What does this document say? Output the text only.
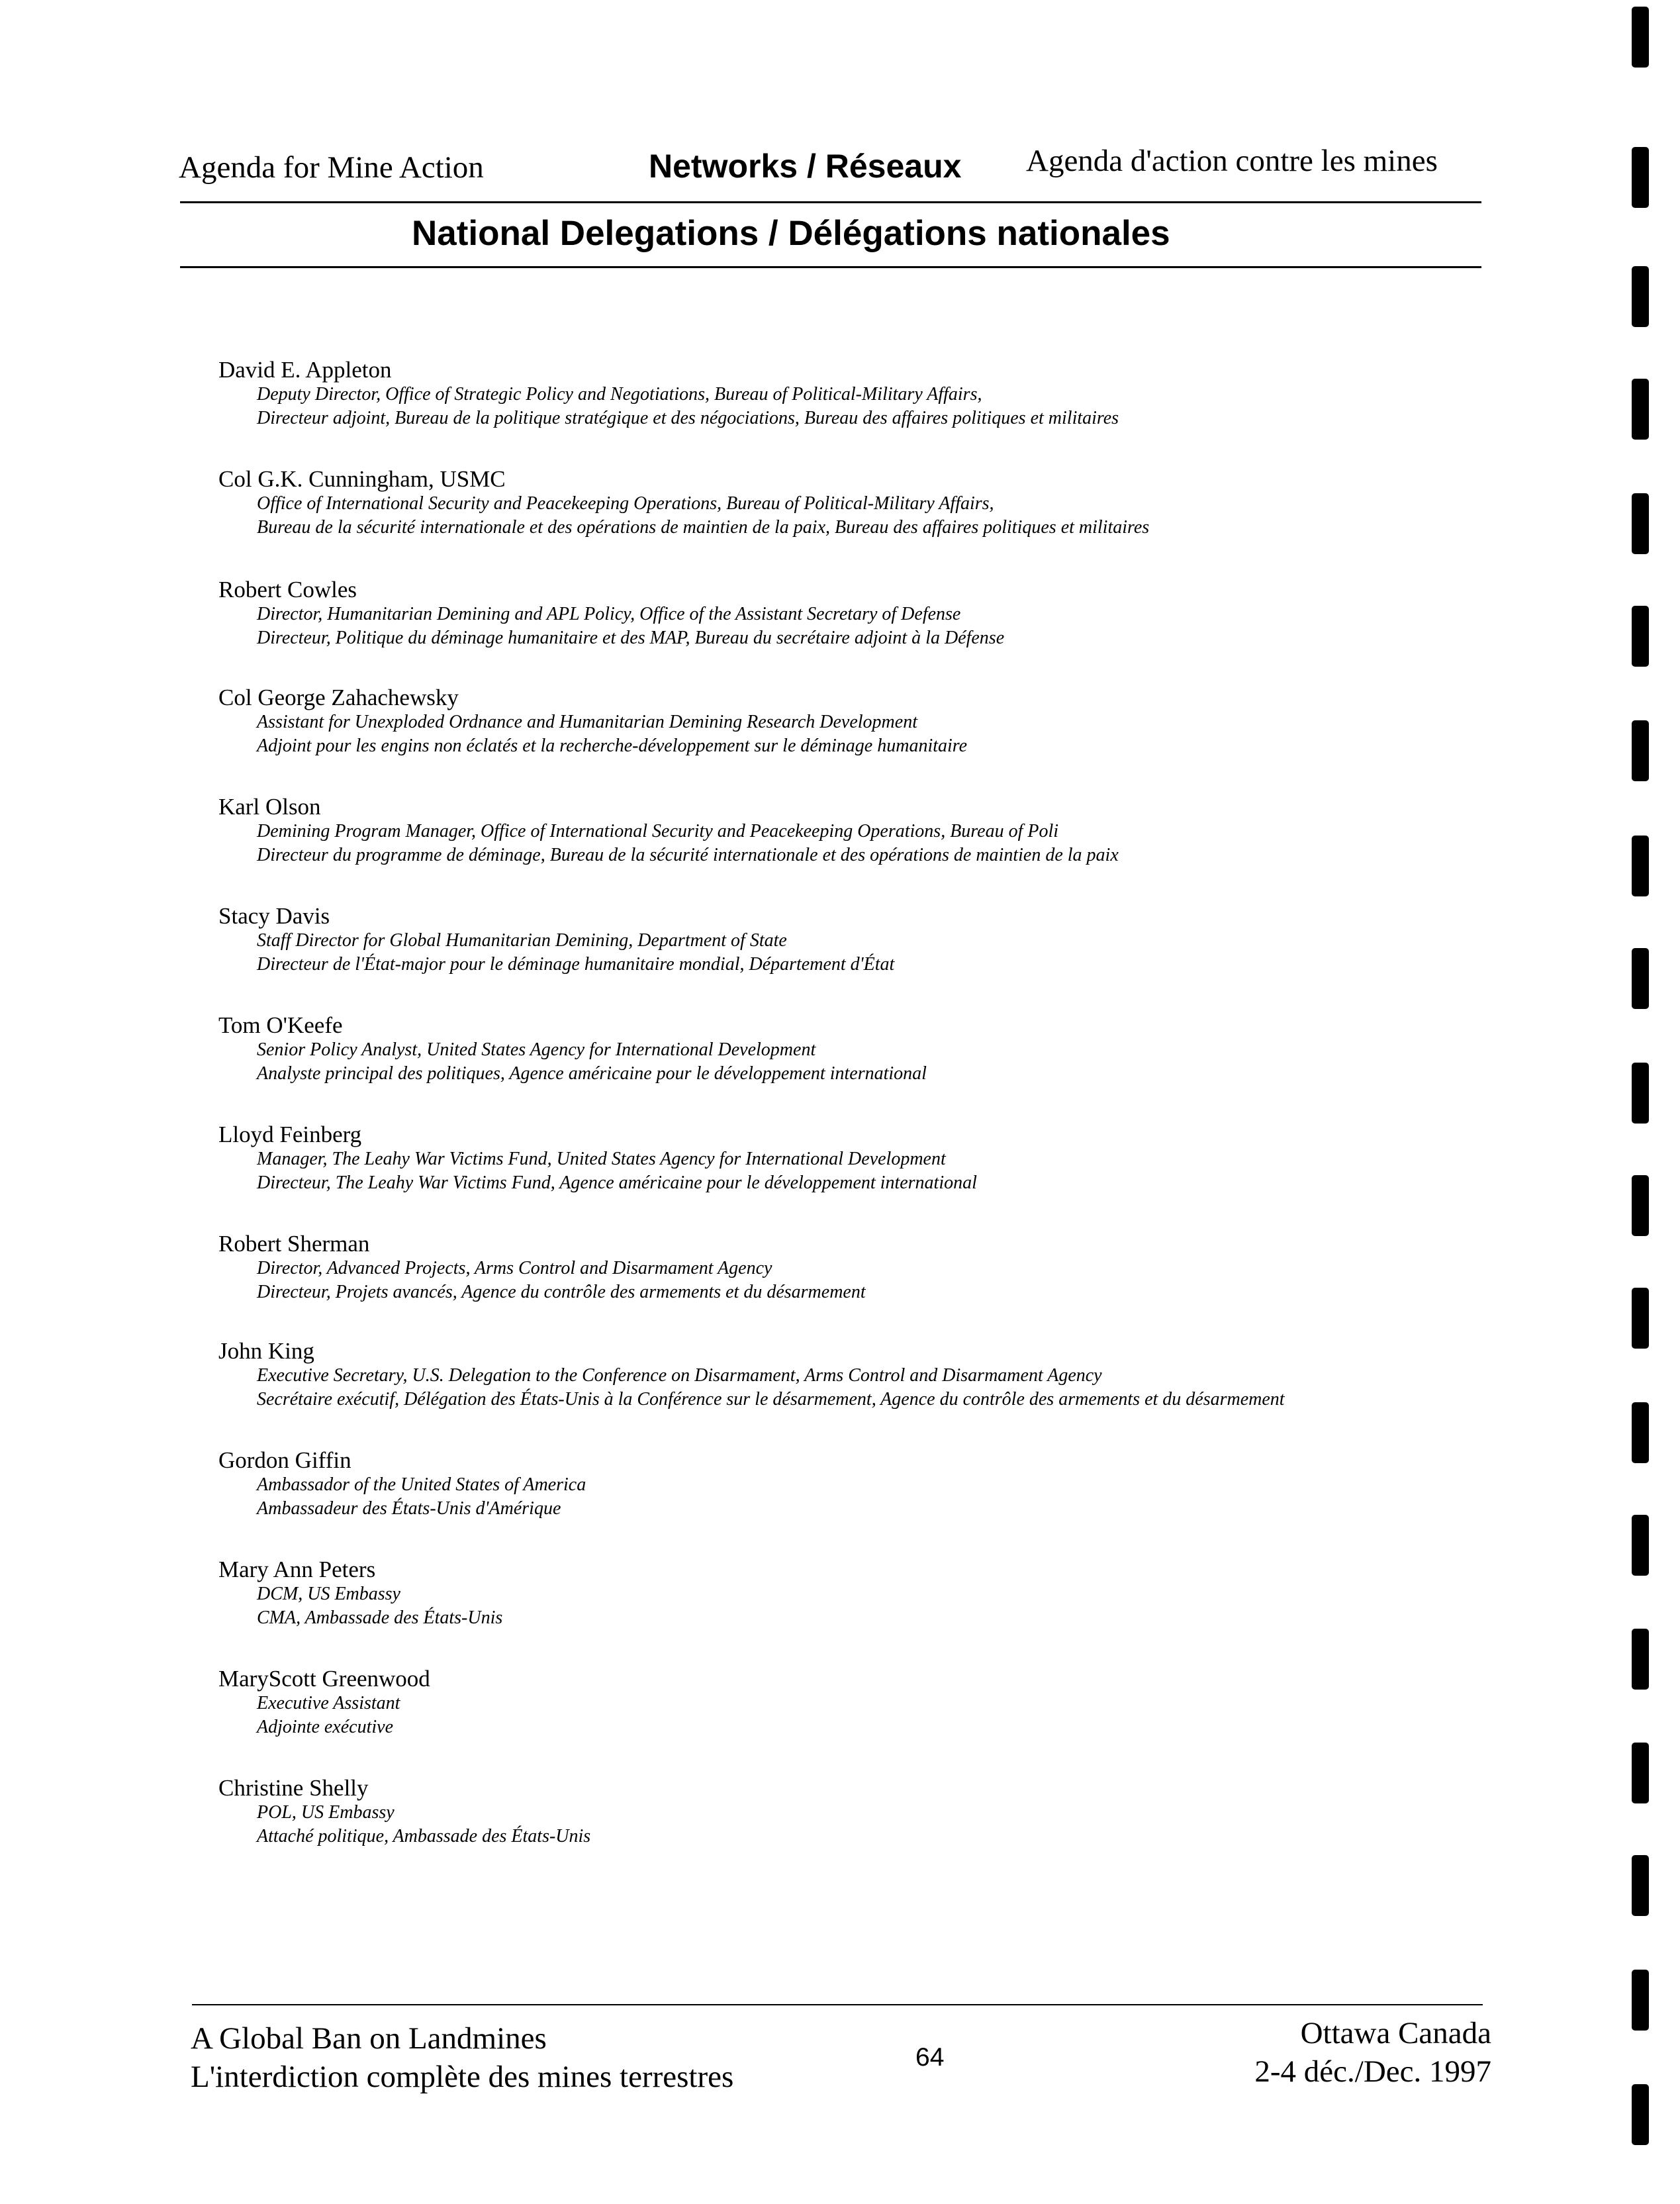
Agenda for Mine Action	Networks / Réseaux Agenda d'action contre les mines
National Delegations / Délégations nationales
David E. Appleton
Deputy Director, Office of Strategic Policy and Negotiations, Bureau of Political-Military Affairs,
Directeur adjoint, Bureau de la politique stratégique et des négociations, Bureau des affaires politiques et militaires
Col G.K. Cunningham, USMC
Office of International Security and Peacekeeping Operations, Bureau of Political-Military Affairs,
Bureau de la sécurité internationale et des opérations de maintien de la paix, Bureau des affaires politiques et militaires
Robert Cowles
Director, Humanitarian Demining and APL Policy, Office of the Assistant Secretary of Defense
Directeur, Politique du déminage humanitaire et des MAP, Bureau du secrétaire adjoint à la Défense
Col George Zahachewsky
Assistant for Unexploded Ordnance and Humanitarian Demining Research Development
Adjoint pour les engins non éclatés et la recherche-développement sur le déminage humanitaire
Karl Olson
Demining Program Manager, Office of International Security and Peacekeeping Operations, Bureau of Poli
Directeur du programme de déminage, Bureau de la sécurité internationale et des opérations de maintien de la paix
Stacy Davis
Staff Director for Global Humanitarian Demining, Department of State
Directeur de l'État-major pour le déminage humanitaire mondial, Département d'État
Tom O'Keefe
Senior Policy Analyst, United States Agency for International Development
Analyste principal des politiques, Agence américaine pour le développement international
Lloyd Feinberg
Manager, The Leahy War Victims Fund, United States Agency for International Development
Directeur, The Leahy War Victims Fund, Agence américaine pour le développement international
Robert Sherman
Director, Advanced Projects, Arms Control and Disarmament Agency
Directeur, Projets avancés, Agence du contrôle des armements et du désarmement
John King
Executive Secretary, U.S. Delegation to the Conference on Disarmament, Arms Control and Disarmament Agency
Secrétaire exécutif, Délégation des États-Unis à la Conférence sur le désarmement, Agence du contrôle des armements et du désarmement
Gordon Giffin
Ambassador of the United States of America
Ambassadeur des États-Unis d'Amérique
Mary Ann Peters
DCM, US Embassy
CMA, Ambassade des États-Unis
MaryScott Greenwood
Executive Assistant
Adjointe exécutive
Christine Shelly
POL, US Embassy
Attaché politique, Ambassade des États-Unis
A Global Ban on Landmines
L'interdiction complète des mines terrestres
64
Ottawa Canada
2-4 déc./Dec. 1997
